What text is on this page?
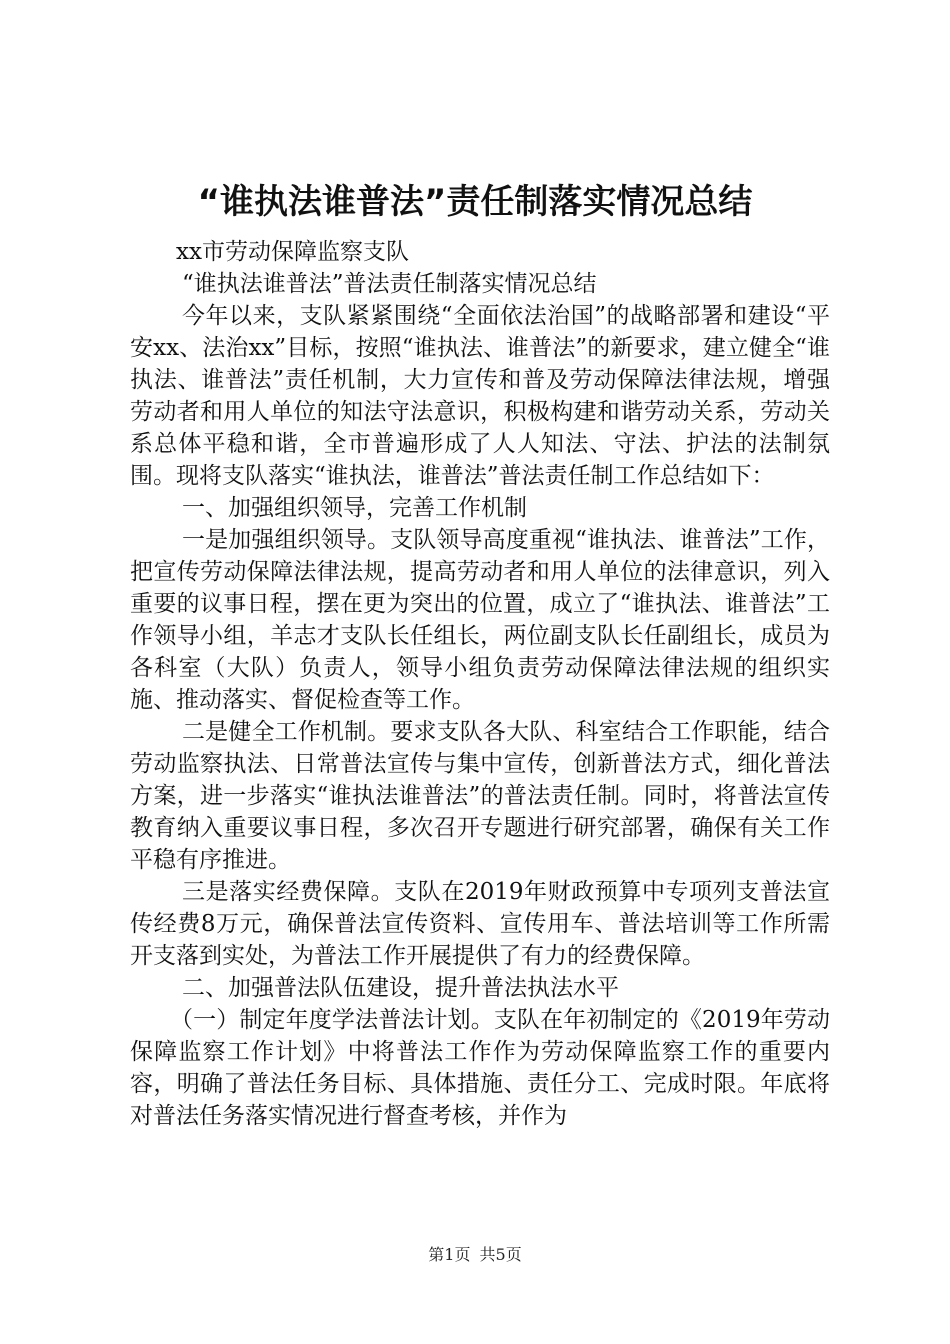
“谁执法谁普法”责任制落实情况总结

xx市劳动保障监察支队

“谁执法谁普法”普法责任制落实情况总结

今年以来，支队紧紧围绕“全面依法治国”的战略部署和建设“平安xx、法治xx”目标，按照“谁执法、谁普法”的新要求，建立健全“谁执法、谁普法”责任机制，大力宣传和普及劳动保障法律法规，增强劳动者和用人单位的知法守法意识，积极构建和谐劳动关系，劳动关系总体平稳和谐，全市普遍形成了人人知法、守法、护法的法制氛围。现将支队落实“谁执法，谁普法”普法责任制工作总结如下：

一、加强组织领导，完善工作机制

一是加强组织领导。支队领导高度重视“谁执法、谁普法”工作，把宣传劳动保障法律法规，提高劳动者和用人单位的法律意识，列入重要的议事日程，摆在更为突出的位置，成立了“谁执法、谁普法”工作领导小组，羊志才支队长任组长，两位副支队长任副组长，成员为各科室（大队）负责人，领导小组负责劳动保障法律法规的组织实施、推动落实、督促检查等工作。

二是健全工作机制。要求支队各大队、科室结合工作职能，结合劳动监察执法、日常普法宣传与集中宣传，创新普法方式，细化普法方案，进一步落实“谁执法谁普法”的普法责任制。同时，将普法宣传教育纳入重要议事日程，多次召开专题进行研究部署，确保有关工作平稳有序推进。

三是落实经费保障。支队在2019年财政预算中专项列支普法宣传经费8万元，确保普法宣传资料、宣传用车、普法培训等工作所需开支落到实处，为普法工作开展提供了有力的经费保障。

二、加强普法队伍建设，提升普法执法水平

（一）制定年度学法普法计划。支队在年初制定的《2019年劳动保障监察工作计划》中将普法工作作为劳动保障监察工作的重要内容，明确了普法任务目标、具体措施、责任分工、完成时限。年底将对普法任务落实情况进行督查考核，并作为

第1页 共5页
